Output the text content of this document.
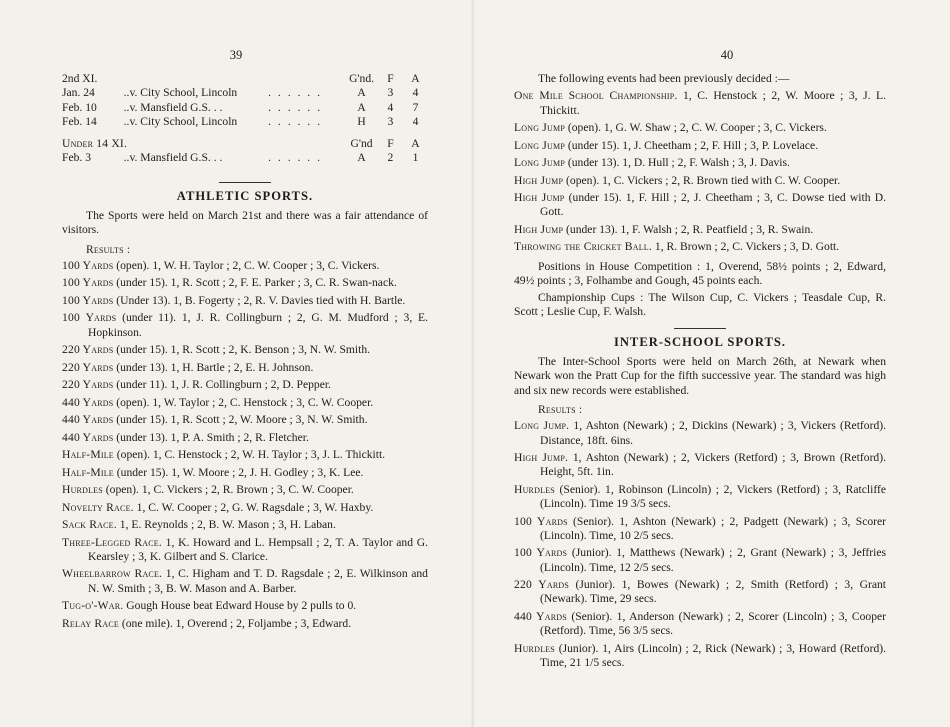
39
2nd XI.	G'nd.	F	A
Jan. 24	..v. City School, Lincoln	. . . . . .	A	3	4
Feb. 10	..v. Mansfield G.S. . .	. . . . . .	A	4	7
Feb. 14	..v. City School, Lincoln	. . . . . .	H	3	4
Under 14 XI.	G'nd	F	A
Feb. 3	..v. Mansfield G.S. . .	. . . . . .	A	2	1
ATHLETIC SPORTS.
The Sports were held on March 21st and there was a fair attendance of visitors.
Results :
100 Yards (open). 1, W. H. Taylor ; 2, C. W. Cooper ; 3, C. Vickers.
100 Yards (under 15). 1, R. Scott ; 2, F. E. Parker ; 3, C. R. Swan-nack.
100 Yards (Under 13). 1, B. Fogerty ; 2, R. V. Davies tied with H. Bartle.
100 Yards (under 11). 1, J. R. Collingburn ; 2, G. M. Mudford ; 3, E. Hopkinson.
220 Yards (under 15). 1, R. Scott ; 2, K. Benson ; 3, N. W. Smith.
220 Yards (under 13). 1, H. Bartle ; 2, E. H. Johnson.
220 Yards (under 11). 1, J. R. Collingburn ; 2, D. Pepper.
440 Yards (open). 1, W. Taylor ; 2, C. Henstock ; 3, C. W. Cooper.
440 Yards (under 15). 1, R. Scott ; 2, W. Moore ; 3, N. W. Smith.
440 Yards (under 13). 1, P. A. Smith ; 2, R. Fletcher.
Half-Mile (open). 1, C. Henstock ; 2, W. H. Taylor ; 3, J. L. Thickitt.
Half-Mile (under 15). 1, W. Moore ; 2, J. H. Godley ; 3, K. Lee.
Hurdles (open). 1, C. Vickers ; 2, R. Brown ; 3, C. W. Cooper.
Novelty Race. 1, C. W. Cooper ; 2, G. W. Ragsdale ; 3, W. Haxby.
Sack Race. 1, E. Reynolds ; 2, B. W. Mason ; 3, H. Laban.
Three-Legged Race. 1, K. Howard and L. Hempsall ; 2, T. A. Taylor and G. Kearsley ; 3, K. Gilbert and S. Clarice.
Wheelbarrow Race. 1, C. Higham and T. D. Ragsdale ; 2, E. Wilkinson and N. W. Smith ; 3, B. W. Mason and A. Barber.
Tug-o'-War. Gough House beat Edward House by 2 pulls to 0.
Relay Race (one mile). 1, Overend ; 2, Foljambe ; 3, Edward.
40
The following events had been previously decided :—
One Mile School Championship. 1, C. Henstock ; 2, W. Moore ; 3, J. L. Thickitt.
Long Jump (open). 1, G. W. Shaw ; 2, C. W. Cooper ; 3, C. Vickers.
Long Jump (under 15). 1, J. Cheetham ; 2, F. Hill ; 3, P. Lovelace.
Long Jump (under 13). 1, D. Hull ; 2, F. Walsh ; 3, J. Davis.
High Jump (open). 1, C. Vickers ; 2, R. Brown tied with C. W. Cooper.
High Jump (under 15). 1, F. Hill ; 2, J. Cheetham ; 3, C. Dowse tied with D. Gott.
High Jump (under 13). 1, F. Walsh ; 2, R. Peatfield ; 3, R. Swain.
Throwing the Cricket Ball. 1, R. Brown ; 2, C. Vickers ; 3, D. Gott.
Positions in House Competition : 1, Overend, 58½ points ; 2, Edward, 49½ points ; 3, Folhambe and Gough, 45 points each.
Championship Cups : The Wilson Cup, C. Vickers ; Teasdale Cup, R. Scott ; Leslie Cup, F. Walsh.
INTER-SCHOOL SPORTS.
The Inter-School Sports were held on March 26th, at Newark when Newark won the Pratt Cup for the fifth successive year. The standard was high and six new records were established.
Results :
Long Jump. 1, Ashton (Newark) ; 2, Dickins (Newark) ; 3, Vickers (Retford). Distance, 18ft. 6ins.
High Jump. 1, Ashton (Newark) ; 2, Vickers (Retford) ; 3, Brown (Retford). Height, 5ft. 1in.
Hurdles (Senior). 1, Robinson (Lincoln) ; 2, Vickers (Retford) ; 3, Ratcliffe (Lincoln). Time 19 3/5 secs.
100 Yards (Senior). 1, Ashton (Newark) ; 2, Padgett (Newark) ; 3, Scorer (Lincoln). Time, 10 2/5 secs.
100 Yards (Junior). 1, Matthews (Newark) ; 2, Grant (Newark) ; 3, Jeffries (Lincoln). Time, 12 2/5 secs.
220 Yards (Junior). 1, Bowes (Newark) ; 2, Smith (Retford) ; 3, Grant (Newark). Time, 29 secs.
440 Yards (Senior). 1, Anderson (Newark) ; 2, Scorer (Lincoln) ; 3, Cooper (Retford). Time, 56 3/5 secs.
Hurdles (Junior). 1, Airs (Lincoln) ; 2, Rick (Newark) ; 3, Howard (Retford). Time, 21 1/5 secs.
